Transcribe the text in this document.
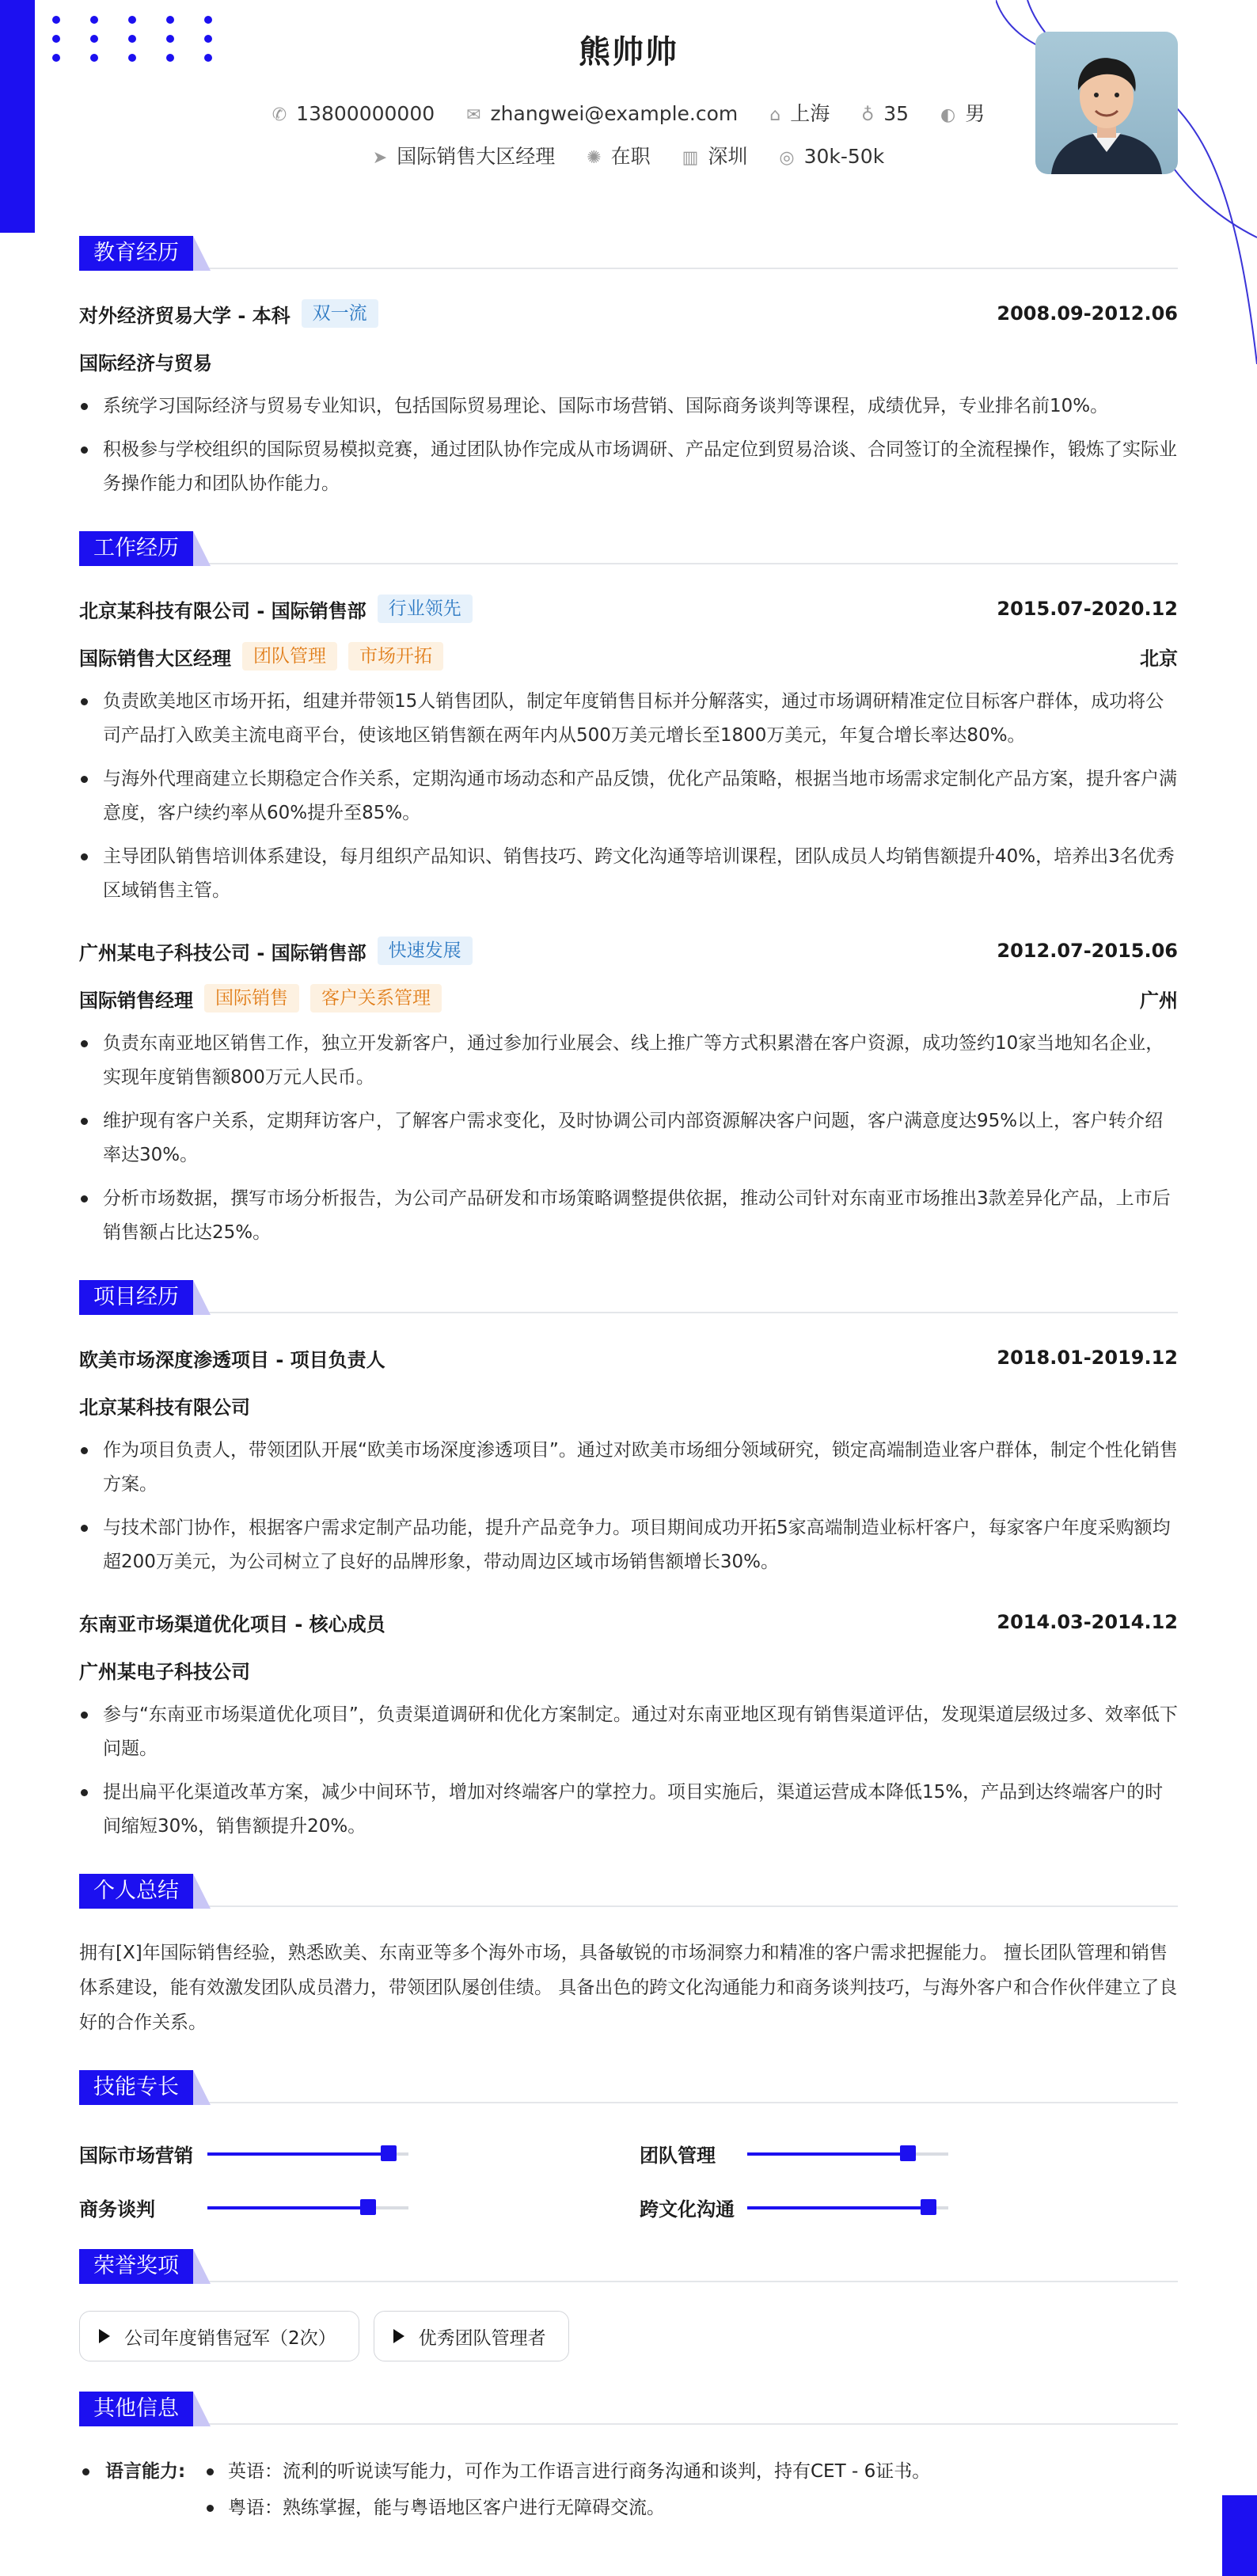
熊帅帅
✆ 13800000000 ✉ zhangwei@example.com ⌂ 上海 ♁ 35 ◐ 男
➤ 国际销售大区经理 ✺ 在职 ▥ 深圳 ◎ 30k-50k
教育经历
对外经济贸易大学 - 本科	双一流	2008.09-2012.06
国际经济与贸易
系统学习国际经济与贸易专业知识，包括国际贸易理论、国际市场营销、国际商务谈判等课程，成绩优异，专业排名前10%。
积极参与学校组织的国际贸易模拟竞赛，通过团队协作完成从市场调研、产品定位到贸易洽谈、合同签订的全流程操作，锻炼了实际业务操作能力和团队协作能力。
工作经历
北京某科技有限公司 - 国际销售部	行业领先	2015.07-2020.12
国际销售大区经理	团队管理	市场开拓	北京
负责欧美地区市场开拓，组建并带领15人销售团队，制定年度销售目标并分解落实，通过市场调研精准定位目标客户群体，成功将公司产品打入欧美主流电商平台，使该地区销售额在两年内从500万美元增长至1800万美元，年复合增长率达80%。
与海外代理商建立长期稳定合作关系，定期沟通市场动态和产品反馈，优化产品策略，根据当地市场需求定制化产品方案，提升客户满意度，客户续约率从60%提升至85%。
主导团队销售培训体系建设，每月组织产品知识、销售技巧、跨文化沟通等培训课程，团队成员人均销售额提升40%，培养出3名优秀区域销售主管。
广州某电子科技公司 - 国际销售部	快速发展	2012.07-2015.06
国际销售经理	国际销售	客户关系管理	广州
负责东南亚地区销售工作，独立开发新客户，通过参加行业展会、线上推广等方式积累潜在客户资源，成功签约10家当地知名企业，实现年度销售额800万元人民币。
维护现有客户关系，定期拜访客户，了解客户需求变化，及时协调公司内部资源解决客户问题，客户满意度达95%以上，客户转介绍率达30%。
分析市场数据，撰写市场分析报告，为公司产品研发和市场策略调整提供依据，推动公司针对东南亚市场推出3款差异化产品，上市后销售额占比达25%。
项目经历
欧美市场深度渗透项目 - 项目负责人	2018.01-2019.12
北京某科技有限公司
作为项目负责人，带领团队开展“欧美市场深度渗透项目”。通过对欧美市场细分领域研究，锁定高端制造业客户群体，制定个性化销售方案。
与技术部门协作，根据客户需求定制产品功能，提升产品竞争力。项目期间成功开拓5家高端制造业标杆客户，每家客户年度采购额均超200万美元，为公司树立了良好的品牌形象，带动周边区域市场销售额增长30%。
东南亚市场渠道优化项目 - 核心成员	2014.03-2014.12
广州某电子科技公司
参与“东南亚市场渠道优化项目”，负责渠道调研和优化方案制定。通过对东南亚地区现有销售渠道评估，发现渠道层级过多、效率低下问题。
提出扁平化渠道改革方案，减少中间环节，增加对终端客户的掌控力。项目实施后，渠道运营成本降低15%，产品到达终端客户的时间缩短30%，销售额提升20%。
个人总结
拥有[X]年国际销售经验，熟悉欧美、东南亚等多个海外市场，具备敏锐的市场洞察力和精准的客户需求把握能力。 擅长团队管理和销售体系建设，能有效激发团队成员潜力，带领团队屡创佳绩。 具备出色的跨文化沟通能力和商务谈判技巧，与海外客户和合作伙伴建立了良好的合作关系。
技能专长
国际市场营销	团队管理
商务谈判	跨文化沟通
荣誉奖项
公司年度销售冠军（2次）	优秀团队管理者
其他信息
语言能力:	英语：流利的听说读写能力，可作为工作语言进行商务沟通和谈判，持有CET - 6证书。
粤语：熟练掌握，能与粤语地区客户进行无障碍交流。
